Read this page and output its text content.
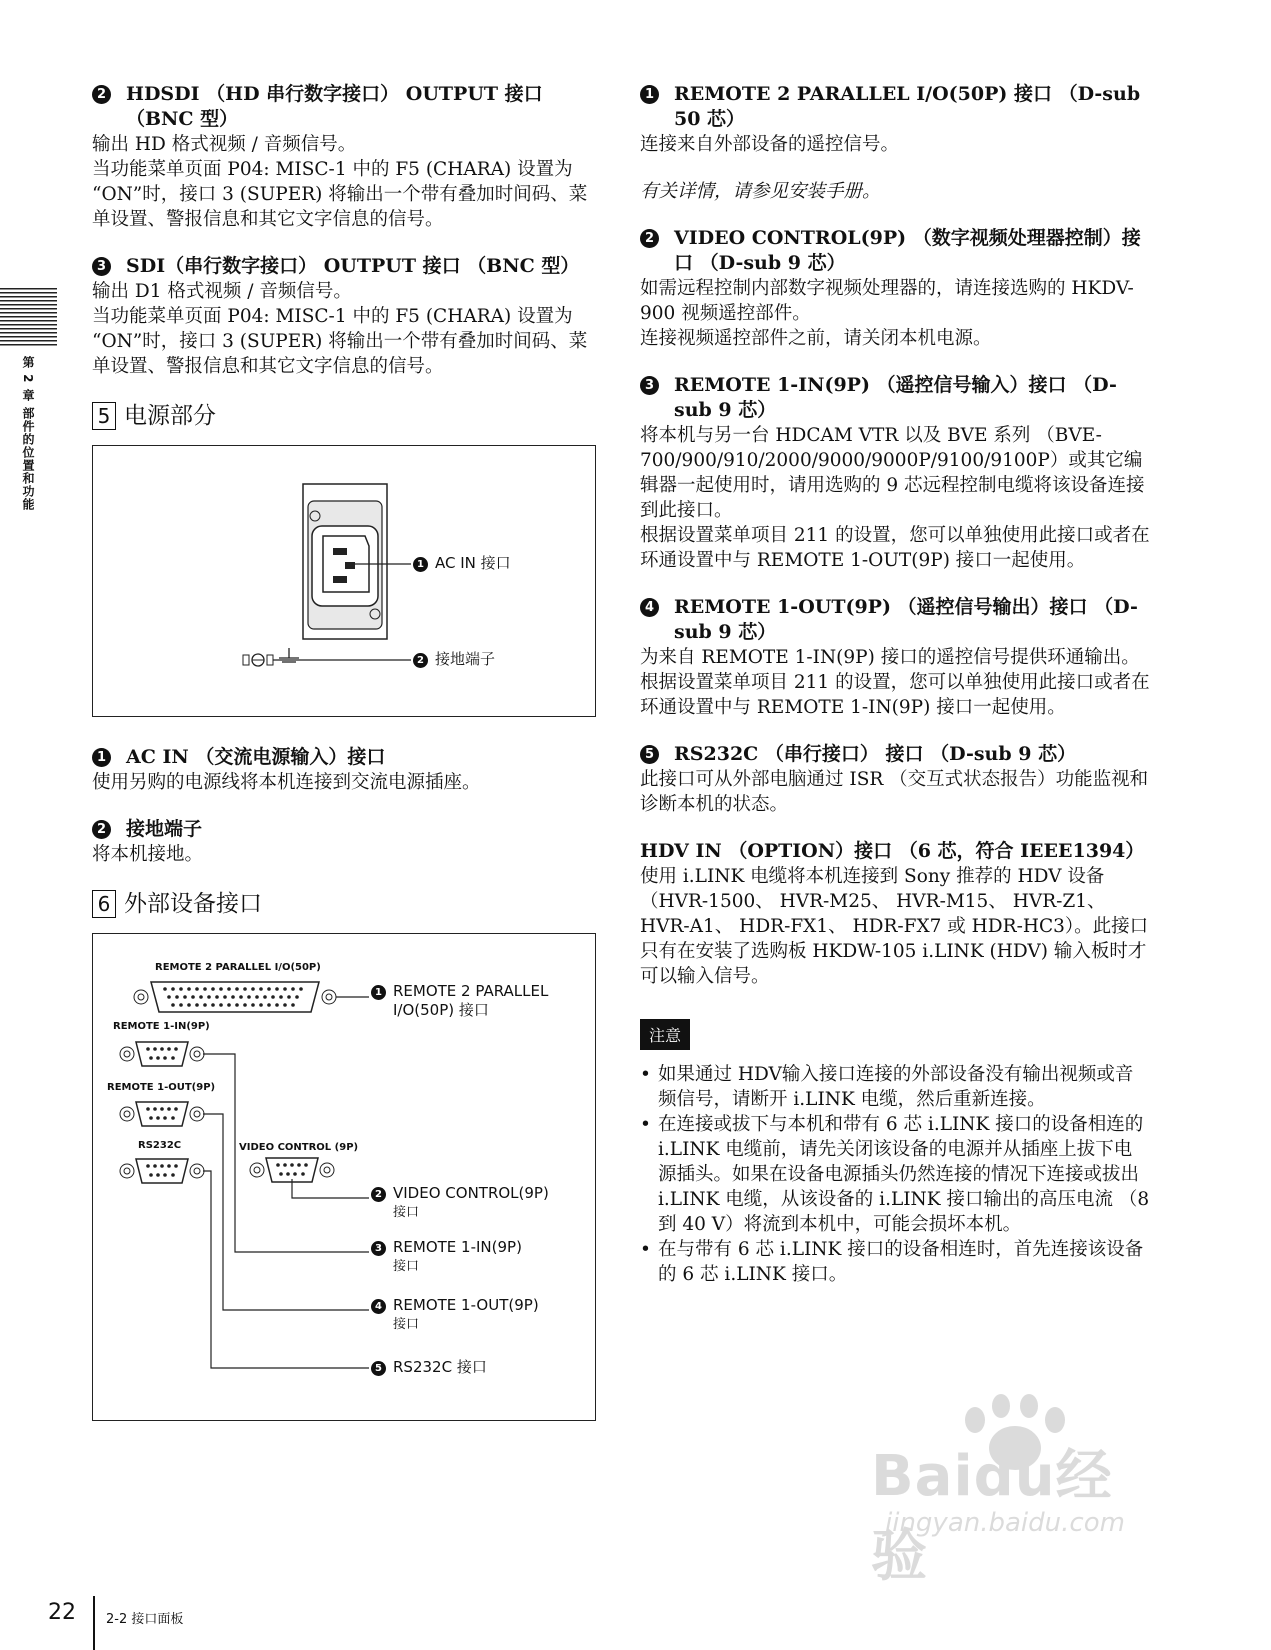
第 2 章 部件的位置和功能
2 HDSDI （HD 串行数字接口） OUTPUT 接口 （BNC 型）

输出 HD 格式视频 / 音频信号。

当功能菜单页面 P04: MISC-1 中的 F5 (CHARA) 设置为 “ON”时，接口 3 (SUPER) 将输出一个带有叠加时间码、菜单设置、警报信息和其它文字信息的信号。

3 SDI（串行数字接口） OUTPUT 接口 （BNC 型）

输出 D1 格式视频 / 音频信号。

当功能菜单页面 P04: MISC-1 中的 F5 (CHARA) 设置为 “ON”时，接口 3 (SUPER) 将输出一个带有叠加时间码、菜单设置、警报信息和其它文字信息的信号。

5 电源部分
1 AC IN 接口
2 接地端子
1 AC IN （交流电源输入）接口

使用另购的电源线将本机连接到交流电源插座。

2 接地端子

将本机接地。

6 外部设备接口
REMOTE 2 PARALLEL I/O(50P)
REMOTE 1-IN(9P)
REMOTE 1-OUT(9P)
RS232C	VIDEO CONTROL (9P)
1 REMOTE 2 PARALLEL
I/O(50P) 接口
2 VIDEO CONTROL(9P)
接口
3 REMOTE 1-IN(9P)
接口
4 REMOTE 1-OUT(9P)
接口
5 RS232C 接口
1 REMOTE 2 PARALLEL I/O(50P) 接口 （D-sub 50 芯）

连接来自外部设备的遥控信号。

有关详情，请参见安装手册。

2 VIDEO CONTROL(9P) （数字视频处理器控制）接口 （D-sub 9 芯）

如需远程控制内部数字视频处理器的，请连接选购的 HKDV-900 视频遥控部件。

连接视频遥控部件之前，请关闭本机电源。

3 REMOTE 1-IN(9P) （遥控信号输入）接口 （D-sub 9 芯）

将本机与另一台 HDCAM VTR 以及 BVE 系列 （BVE-700/900/910/2000/9000/9000P/9100/9100P）或其它编辑器一起使用时，请用选购的 9 芯远程控制电缆将该设备连接到此接口。

根据设置菜单项目 211 的设置，您可以单独使用此接口或者在环通设置中与 REMOTE 1-OUT(9P) 接口一起使用。

4 REMOTE 1-OUT(9P) （遥控信号输出）接口 （D-sub 9 芯）

为来自 REMOTE 1-IN(9P) 接口的遥控信号提供环通输出。

根据设置菜单项目 211 的设置，您可以单独使用此接口或者在环通设置中与 REMOTE 1-IN(9P) 接口一起使用。

5 RS232C （串行接口） 接口 （D-sub 9 芯）

此接口可从外部电脑通过 ISR （交互式状态报告）功能监视和诊断本机的状态。

HDV IN （OPTION）接口 （6 芯，符合 IEEE1394）

使用 i.LINK 电缆将本机连接到 Sony 推荐的 HDV 设备 （HVR-1500、 HVR-M25、 HVR-M15、 HVR-Z1、 HVR-A1、 HDR-FX1、 HDR-FX7 或 HDR-HC3）。此接口只有在安装了选购板 HKDW-105 i.LINK (HDV) 输入板时才可以输入信号。

注意
• 如果通过 HDV输入接口连接的外部设备没有输出视频或音频信号，请断开 i.LINK 电缆，然后重新连接。
• 在连接或拔下与本机和带有 6 芯 i.LINK 接口的设备相连的 i.LINK 电缆前，请先关闭该设备的电源并从插座上拔下电源插头。如果在设备电源插头仍然连接的情况下连接或拔出 i.LINK 电缆，从该设备的 i.LINK 接口输出的高压电流 （8 到 40 V）将流到本机中，可能会损坏本机。
• 在与带有 6 芯 i.LINK 接口的设备相连时，首先连接该设备的 6 芯 i.LINK 接口。
Baidu经验
jingyan.baidu.com
22 2-2 接口面板
